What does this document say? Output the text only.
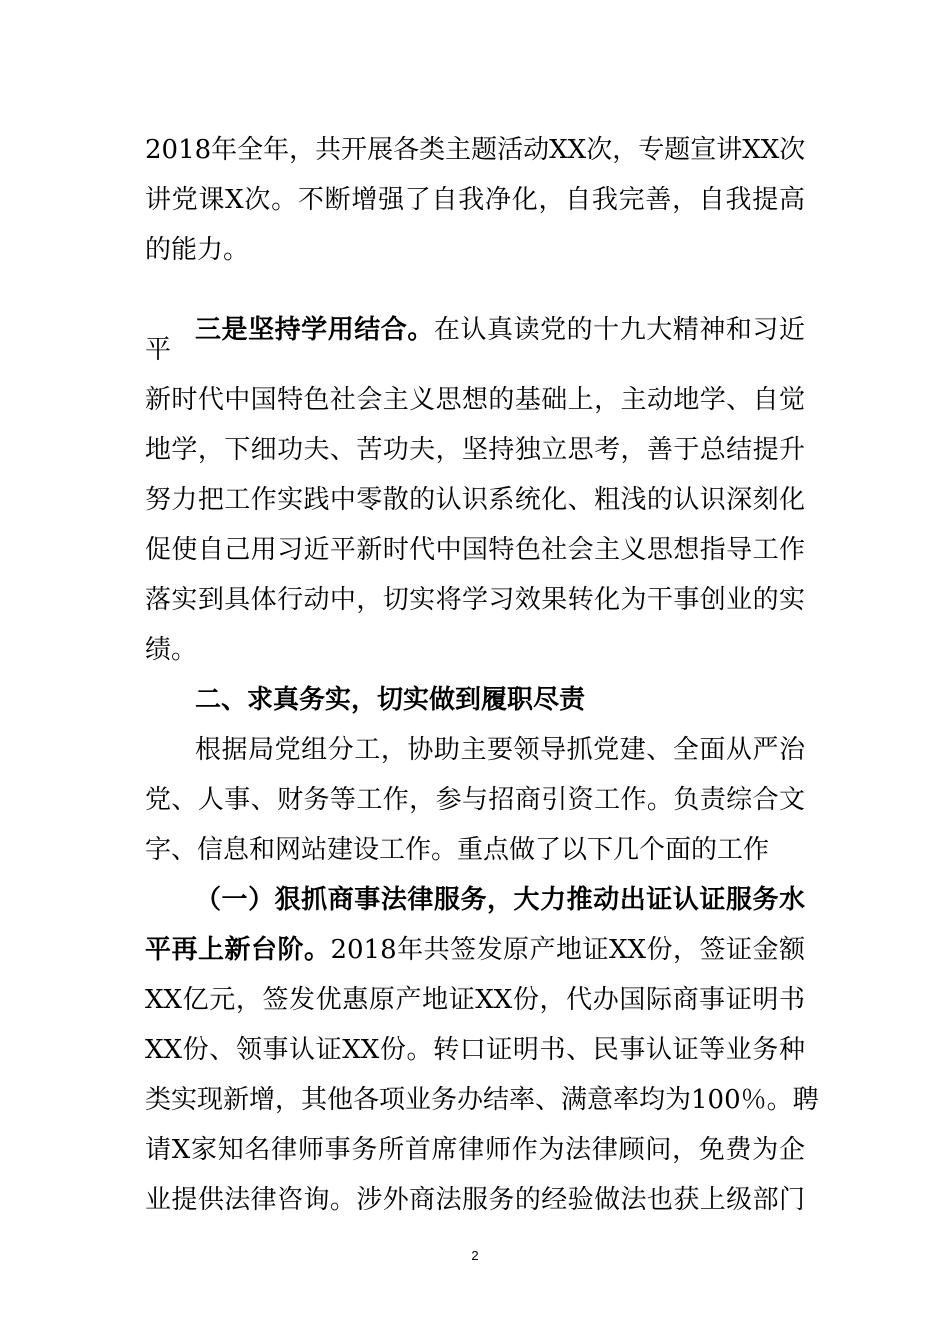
2018年全年，共开展各类主题活动XX次，专题宣讲XX次
讲党课X次。不断增强了自我净化，自我完善，自我提高
的能力。
三是坚持学用结合。在认真读党的十九大精神和习近
平
新时代中国特色社会主义思想的基础上，主动地学、自觉
地学，下细功夫、苦功夫，坚持独立思考，善于总结提升
努力把工作实践中零散的认识系统化、粗浅的认识深刻化
促使自己用习近平新时代中国特色社会主义思想指导工作
落实到具体行动中，切实将学习效果转化为干事创业的实
绩。
二、求真务实，切实做到履职尽责
根据局党组分工，协助主要领导抓党建、全面从严治
党、人事、财务等工作，参与招商引资工作。负责综合文
字、信息和网站建设工作。重点做了以下几个面的工作
（一）狠抓商事法律服务，大力推动出证认证服务水
平再上新台阶。2018年共签发原产地证XX份，签证金额
XX亿元，签发优惠原产地证XX份，代办国际商事证明书
XX份、领事认证XX份。转口证明书、民事认证等业务种
类实现新增，其他各项业务办结率、满意率均为100％。聘
请X家知名律师事务所首席律师作为法律顾问，免费为企
业提供法律咨询。涉外商法服务的经验做法也获上级部门
2
